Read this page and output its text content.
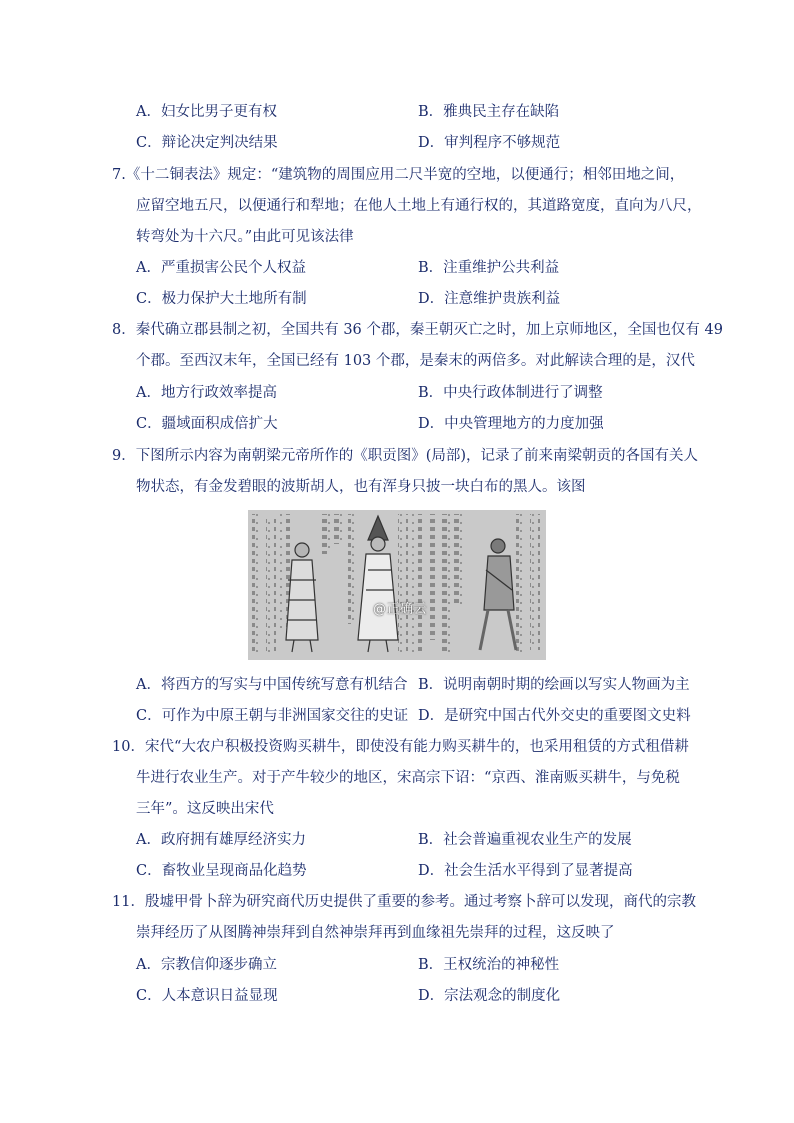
A．妇女比男子更有权	B．雅典民主存在缺陷
C．辩论决定判决结果	D．审判程序不够规范
7.《十二铜表法》规定：“建筑物的周围应用二尺半宽的空地，以便通行；相邻田地之间，
应留空地五尺，以便通行和犁地；在他人土地上有通行权的，其道路宽度，直向为八尺，
转弯处为十六尺。”由此可见该法律
A．严重损害公民个人权益	B．注重维护公共利益
C．极力保护大土地所有制	D．注意维护贵族利益
8．秦代确立郡县制之初，全国共有 36 个郡，秦王朝灭亡之时，加上京师地区，全国也仅有 49
个郡。至西汉末年，全国已经有 103 个郡，是秦末的两倍多。对此解读合理的是，汉代
A．地方行政效率提高	B．中央行政体制进行了调整
C．疆域面积成倍扩大	D．中央管理地方的力度加强
9．下图所示内容为南朝梁元帝所作的《职贡图》(局部)，记录了前来南梁朝贡的各国有关人
物状态，有金发碧眼的波斯胡人，也有浑身只披一块白布的黑人。该图
@正确云
A．将西方的写实与中国传统写意有机结合 B．说明南朝时期的绘画以写实人物画为主
C．可作为中原王朝与非洲国家交往的史证 D．是研究中国古代外交史的重要图文史料
10．宋代“大农户积极投资购买耕牛，即使没有能力购买耕牛的，也采用租赁的方式租借耕
牛进行农业生产。对于产牛较少的地区，宋高宗下诏：“京西、淮南贩买耕牛，与免税
三年”。这反映出宋代
A．政府拥有雄厚经济实力	B．社会普遍重视农业生产的发展
C．畜牧业呈现商品化趋势	D．社会生活水平得到了显著提高
11．殷墟甲骨卜辞为研究商代历史提供了重要的参考。通过考察卜辞可以发现，商代的宗教
崇拜经历了从图腾神崇拜到自然神崇拜再到血缘祖先崇拜的过程，这反映了
A．宗教信仰逐步确立	B．王权统治的神秘性
C．人本意识日益显现	D．宗法观念的制度化
